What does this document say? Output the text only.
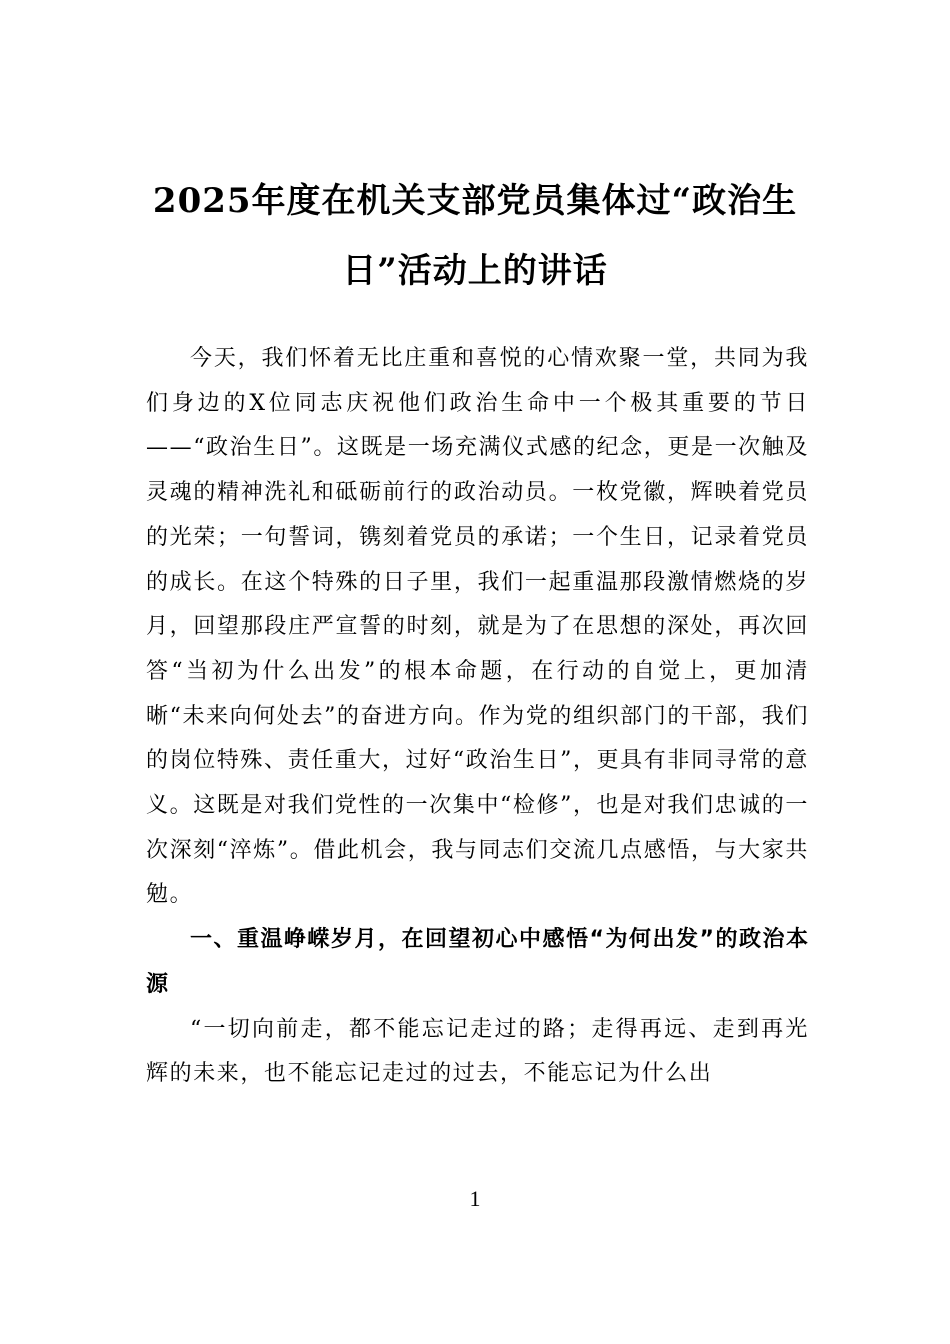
2025年度在机关支部党员集体过“政治生
日”活动上的讲话

今天，我们怀着无比庄重和喜悦的心情欢聚一堂，共同为我们身边的X位同志庆祝他们政治生命中一个极其重要的节日——“政治生日”。这既是一场充满仪式感的纪念，更是一次触及灵魂的精神洗礼和砥砺前行的政治动员。一枚党徽，辉映着党员的光荣；一句誓词，镌刻着党员的承诺；一个生日，记录着党员的成长。在这个特殊的日子里，我们一起重温那段激情燃烧的岁月，回望那段庄严宣誓的时刻，就是为了在思想的深处，再次回答“当初为什么出发”的根本命题，在行动的自觉上，更加清晰“未来向何处去”的奋进方向。作为党的组织部门的干部，我们的岗位特殊、责任重大，过好“政治生日”，更具有非同寻常的意义。这既是对我们党性的一次集中“检修”，也是对我们忠诚的一次深刻“淬炼”。借此机会，我与同志们交流几点感悟，与大家共勉。

一、重温峥嵘岁月，在回望初心中感悟“为何出发”的政治本源

“一切向前走，都不能忘记走过的路；走得再远、走到再光辉的未来，也不能忘记走过的过去，不能忘记为什么出

1
